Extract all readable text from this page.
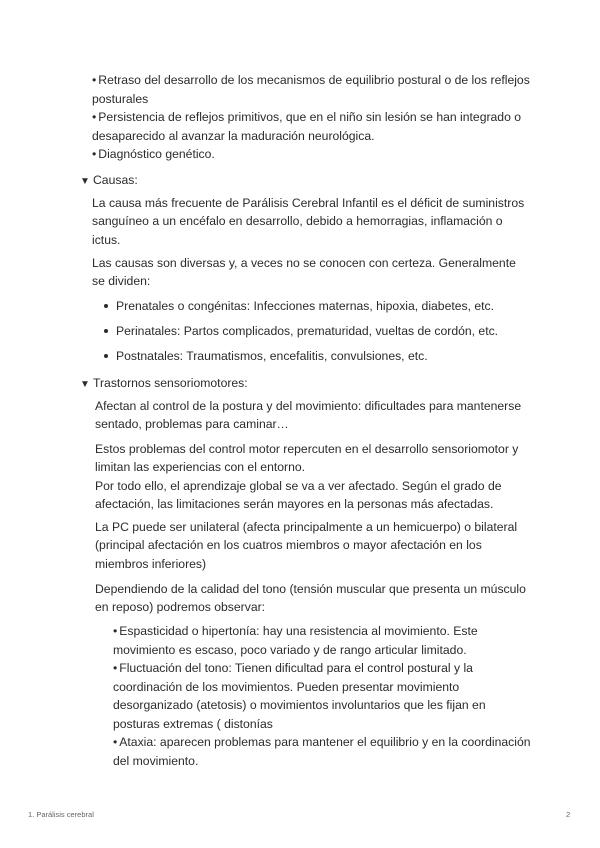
• Retraso del desarrollo de los mecanismos de equilibrio postural o de los reflejos posturales
• Persistencia de reflejos primitivos, que en el niño sin lesión se han integrado o desaparecido al avanzar la maduración neurológica.
• Diagnóstico genético.
▼ Causas:

La causa más frecuente de Parálisis Cerebral Infantil es el déficit de suministros sanguíneo a un encéfalo en desarrollo, debido a hemorragias, inflamación o ictus.

Las causas son diversas y, a veces no se conocen con certeza. Generalmente se dividen:

Prenatales o congénitas: Infecciones maternas, hipoxia, diabetes, etc.
Perinatales: Partos complicados, prematuridad, vueltas de cordón, etc.
Postnatales: Traumatismos, encefalitis, convulsiones, etc.
▼ Trastornos sensoriomotores:

Afectan al control de la postura y del movimiento: dificultades para mantenerse sentado, problemas para caminar…

Estos problemas del control motor repercuten en el desarrollo sensoriomotor y limitan las experiencias con el entorno.
Por todo ello, el aprendizaje global se va a ver afectado. Según el grado de afectación, las limitaciones serán mayores en la personas más afectadas.

La PC puede ser unilateral (afecta principalmente a un hemicuerpo) o bilateral (principal afectación en los cuatros miembros o mayor afectación en los miembros inferiores)

Dependiendo de la calidad del tono (tensión muscular que presenta un músculo en reposo) podremos observar:

• Espasticidad o hipertonía: hay una resistencia al movimiento. Este movimiento es escaso, poco variado y de rango articular limitado.
• Fluctuación del tono: Tienen dificultad para el control postural y la coordinación de los movimientos. Pueden presentar movimiento desorganizado (atetosis) o movimientos involuntarios que les fijan en posturas extremas ( distonías
• Ataxia: aparecen problemas para mantener el equilibrio y en la coordinación del movimiento.
1. Parálisis cerebral	2
